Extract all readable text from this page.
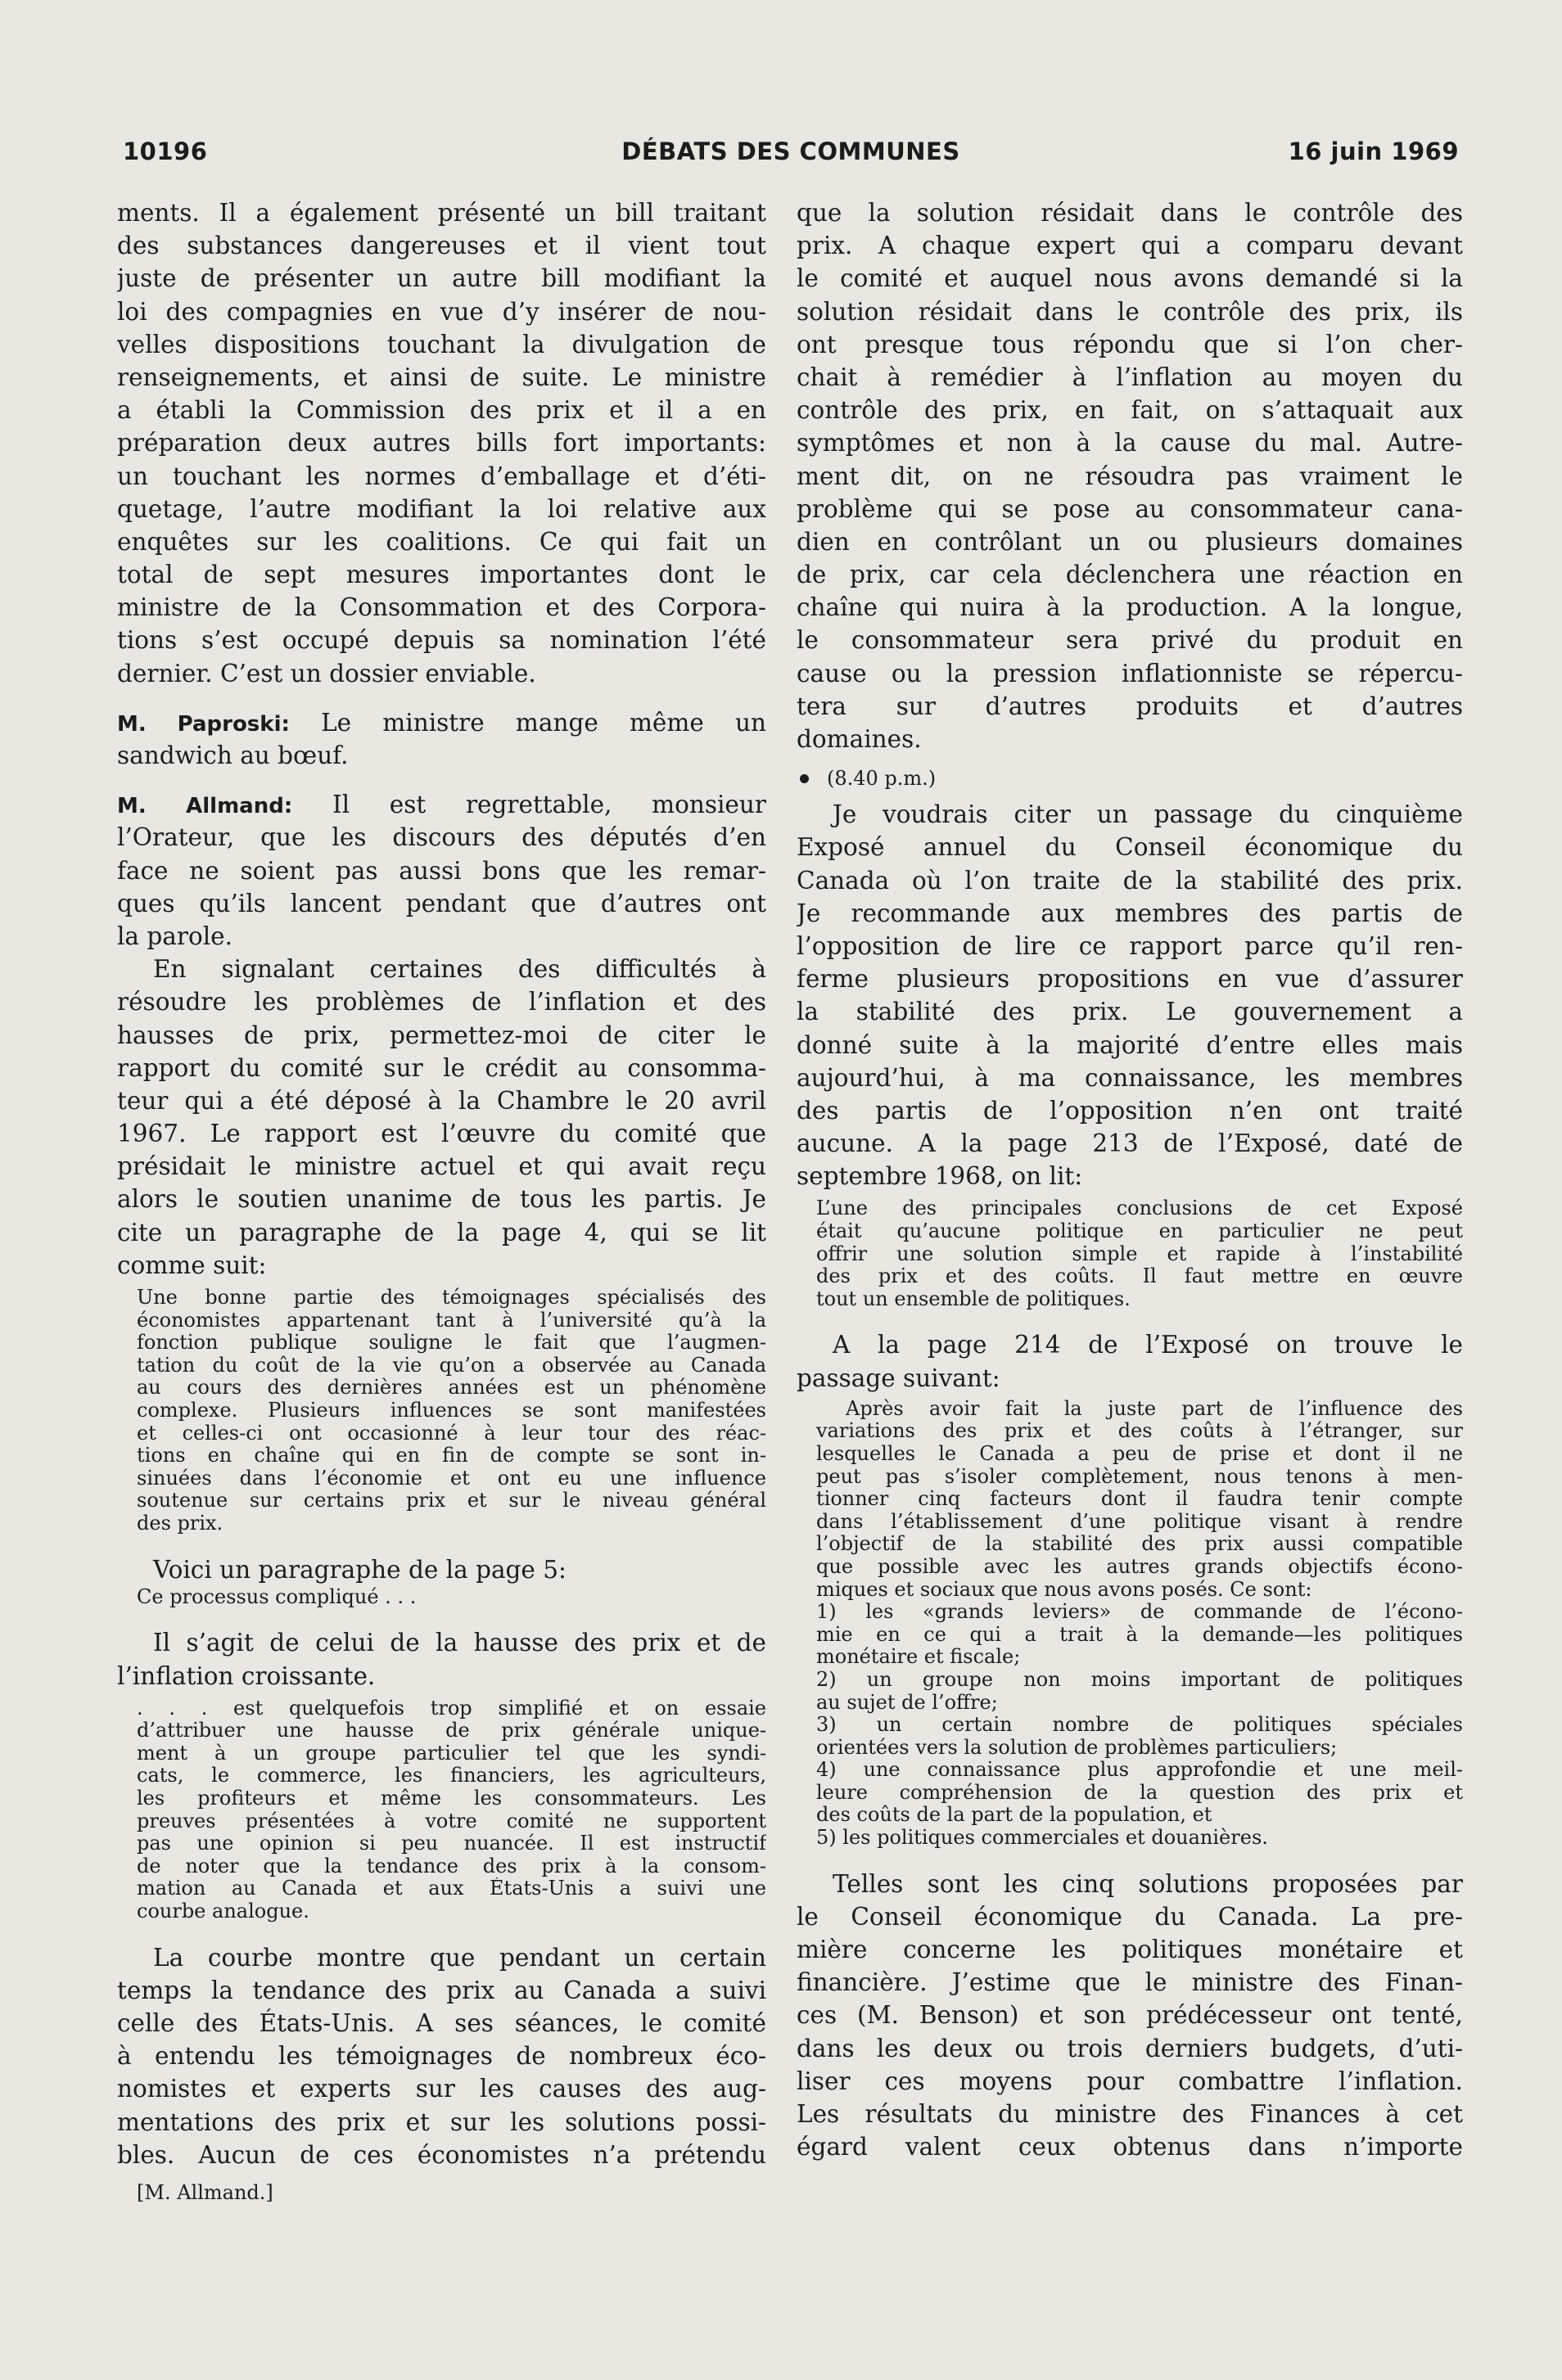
10196	DÉBATS DES COMMUNES	16 juin 1969
ments. Il a également présenté un bill traitant
des substances dangereuses et il vient tout
juste de présenter un autre bill modifiant la
loi des compagnies en vue d’y insérer de nou-
velles dispositions touchant la divulgation de
renseignements, et ainsi de suite. Le ministre
a établi la Commission des prix et il a en
préparation deux autres bills fort importants:
un touchant les normes d’emballage et d’éti-
quetage, l’autre modifiant la loi relative aux
enquêtes sur les coalitions. Ce qui fait un
total de sept mesures importantes dont le
ministre de la Consommation et des Corpora-
tions s’est occupé depuis sa nomination l’été
dernier. C’est un dossier enviable.
M. Paproski: Le ministre mange même un
sandwich au bœuf.
M. Allmand: Il est regrettable, monsieur
l’Orateur, que les discours des députés d’en
face ne soient pas aussi bons que les remar-
ques qu’ils lancent pendant que d’autres ont
la parole.
En signalant certaines des difficultés à
résoudre les problèmes de l’inflation et des
hausses de prix, permettez-moi de citer le
rapport du comité sur le crédit au consomma-
teur qui a été déposé à la Chambre le 20 avril
1967. Le rapport est l’œuvre du comité que
présidait le ministre actuel et qui avait reçu
alors le soutien unanime de tous les partis. Je
cite un paragraphe de la page 4, qui se lit
comme suit:
Une bonne partie des témoignages spécialisés des
économistes appartenant tant à l’université qu’à la
fonction publique souligne le fait que l’augmen-
tation du coût de la vie qu’on a observée au Canada
au cours des dernières années est un phénomène
complexe. Plusieurs influences se sont manifestées
et celles-ci ont occasionné à leur tour des réac-
tions en chaîne qui en fin de compte se sont in-
sinuées dans l’économie et ont eu une influence
soutenue sur certains prix et sur le niveau général
des prix.
Voici un paragraphe de la page 5:
Ce processus compliqué . . .
Il s’agit de celui de la hausse des prix et de
l’inflation croissante.
. . . est quelquefois trop simplifié et on essaie
d’attribuer une hausse de prix générale unique-
ment à un groupe particulier tel que les syndi-
cats, le commerce, les financiers, les agriculteurs,
les profiteurs et même les consommateurs. Les
preuves présentées à votre comité ne supportent
pas une opinion si peu nuancée. Il est instructif
de noter que la tendance des prix à la consom-
mation au Canada et aux États-Unis a suivi une
courbe analogue.
La courbe montre que pendant un certain
temps la tendance des prix au Canada a suivi
celle des États-Unis. A ses séances, le comité
à entendu les témoignages de nombreux éco-
nomistes et experts sur les causes des aug-
mentations des prix et sur les solutions possi-
bles. Aucun de ces économistes n’a prétendu
[M. Allmand.]
que la solution résidait dans le contrôle des
prix. A chaque expert qui a comparu devant
le comité et auquel nous avons demandé si la
solution résidait dans le contrôle des prix, ils
ont presque tous répondu que si l’on cher-
chait à remédier à l’inflation au moyen du
contrôle des prix, en fait, on s’attaquait aux
symptômes et non à la cause du mal. Autre-
ment dit, on ne résoudra pas vraiment le
problème qui se pose au consommateur cana-
dien en contrôlant un ou plusieurs domaines
de prix, car cela déclenchera une réaction en
chaîne qui nuira à la production. A la longue,
le consommateur sera privé du produit en
cause ou la pression inflationniste se répercu-
tera sur d’autres produits et d’autres
domaines.
(8.40 p.m.)
Je voudrais citer un passage du cinquième
Exposé annuel du Conseil économique du
Canada où l’on traite de la stabilité des prix.
Je recommande aux membres des partis de
l’opposition de lire ce rapport parce qu’il ren-
ferme plusieurs propositions en vue d’assurer
la stabilité des prix. Le gouvernement a
donné suite à la majorité d’entre elles mais
aujourd’hui, à ma connaissance, les membres
des partis de l’opposition n’en ont traité
aucune. A la page 213 de l’Exposé, daté de
septembre 1968, on lit:
L’une des principales conclusions de cet Exposé
était qu’aucune politique en particulier ne peut
offrir une solution simple et rapide à l’instabilité
des prix et des coûts. Il faut mettre en œuvre
tout un ensemble de politiques.
A la page 214 de l’Exposé on trouve le
passage suivant:
Après avoir fait la juste part de l’influence des
variations des prix et des coûts à l’étranger, sur
lesquelles le Canada a peu de prise et dont il ne
peut pas s’isoler complètement, nous tenons à men-
tionner cinq facteurs dont il faudra tenir compte
dans l’établissement d’une politique visant à rendre
l’objectif de la stabilité des prix aussi compatible
que possible avec les autres grands objectifs écono-
miques et sociaux que nous avons posés. Ce sont:
1) les «grands leviers» de commande de l’écono-
mie en ce qui a trait à la demande—les politiques
monétaire et fiscale;
2) un groupe non moins important de politiques
au sujet de l’offre;
3) un certain nombre de politiques spéciales
orientées vers la solution de problèmes particuliers;
4) une connaissance plus approfondie et une meil-
leure compréhension de la question des prix et
des coûts de la part de la population, et
5) les politiques commerciales et douanières.
Telles sont les cinq solutions proposées par
le Conseil économique du Canada. La pre-
mière concerne les politiques monétaire et
financière. J’estime que le ministre des Finan-
ces (M. Benson) et son prédécesseur ont tenté,
dans les deux ou trois derniers budgets, d’uti-
liser ces moyens pour combattre l’inflation.
Les résultats du ministre des Finances à cet
égard valent ceux obtenus dans n’importe
